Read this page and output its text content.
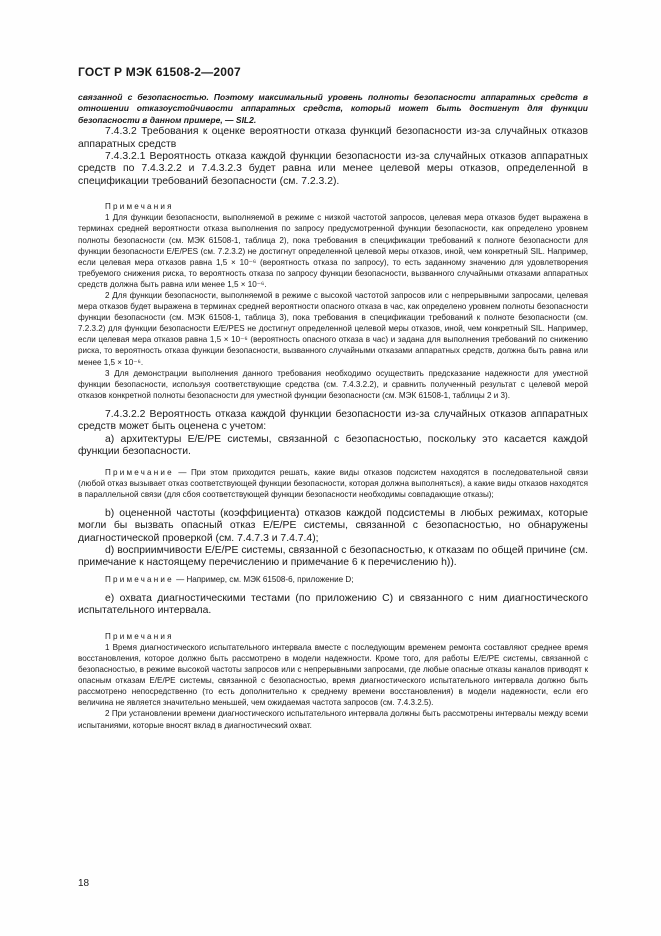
ГОСТ Р МЭК 61508-2—2007

связанной с безопасностью. Поэтому максимальный уровень полноты безопасности аппаратных средств в отношении отказоустойчивости аппаратных средств, который может быть достигнут для функции безопасности в данном примере, — SIL2.

7.4.3.2 Требования к оценке вероятности отказа функций безопасности из-за случайных отказов аппаратных средств

7.4.3.2.1 Вероятность отказа каждой функции безопасности из-за случайных отказов аппаратных средств по 7.4.3.2.2 и 7.4.3.2.3 будет равна или менее целевой меры отказов, определенной в спецификации требований безопасности (см. 7.2.3.2).

Примечания

1 Для функции безопасности, выполняемой в режиме с низкой частотой запросов, целевая мера отказов будет выражена в терминах средней вероятности отказа выполнения по запросу предусмотренной функции безопасности, как определено уровнем полноты безопасности (см. МЭК 61508-1, таблица 2), пока требования в спецификации требований к полноте безопасности для функции безопасности Е/Е/РES (см. 7.2.3.2) не достигнут определенной целевой меры отказов, иной, чем конкретный SIL. Например, если целевая мера отказов равна 1,5 × 10⁻⁶ (вероятность отказа по запросу), то есть заданному значению для удовлетворения требуемого снижения риска, то вероятность отказа по запросу функции безопасности, вызванного случайными отказами аппаратных средств должна быть равна или менее 1,5 × 10⁻⁶.

2 Для функции безопасности, выполняемой в режиме с высокой частотой запросов или с непрерывными запросами, целевая мера отказов будет выражена в терминах средней вероятности опасного отказа в час, как определено уровнем полноты безопасности функции безопасности (см. МЭК 61508-1, таблица 3), пока требования в спецификации требований к полноте безопасности (см. 7.2.3.2) для функции безопасности Е/Е/РES не достигнут определенной целевой меры отказов, иной, чем конкретный SIL. Например, если целевая мера отказов равна 1,5 × 10⁻⁶ (вероятность опасного отказа в час) и задана для выполнения требований по снижению риска, то вероятность отказа функции безопасности, вызванного случайными отказами аппаратных средств, должна быть равна или менее 1,5 × 10⁻⁶.

3 Для демонстрации выполнения данного требования необходимо осуществить предсказание надежности для уместной функции безопасности, используя соответствующие средства (см. 7.4.3.2.2), и сравнить полученный результат с целевой мерой отказов конкретной полноты безопасности для уместной функции безопасности (см. МЭК 61508-1, таблицы 2 и 3).

7.4.3.2.2 Вероятность отказа каждой функции безопасности из-за случайных отказов аппаратных средств может быть оценена с учетом:

а) архитектуры Е/Е/РЕ системы, связанной с безопасностью, поскольку это касается каждой функции безопасности.

Примечание — При этом приходится решать, какие виды отказов подсистем находятся в последовательной связи (любой отказ вызывает отказ соответствующей функции безопасности, которая должна выполняться), а какие виды отказов находятся в параллельной связи (для сбоя соответствующей функции безопасности необходимы совпадающие отказы);

b) оцененной частоты (коэффициента) отказов каждой подсистемы в любых режимах, которые могли бы вызвать опасный отказ Е/Е/РЕ системы, связанной с безопасностью, но обнаружены диагностической проверкой (см. 7.4.7.3 и 7.4.7.4);

d) восприимчивости Е/Е/РЕ системы, связанной с безопасностью, к отказам по общей причине (см. примечание к настоящему перечислению и примечание 6 к перечислению h)).

Примечание — Например, см. МЭК 61508-6, приложение D;

е) охвата диагностическими тестами (по приложению С) и связанного с ним диагностического испытательного интервала.

Примечания

1 Время диагностического испытательного интервала вместе с последующим временем ремонта составляют среднее время восстановления, которое должно быть рассмотрено в модели надежности. Кроме того, для работы Е/Е/РЕ системы, связанной с безопасностью, в режиме высокой частоты запросов или с непрерывными запросами, где любые опасные отказы каналов приводят к опасным отказам Е/Е/РЕ системы, связанной с безопасностью, время диагностического испытательного интервала должно быть рассмотрено непосредственно (то есть дополнительно к среднему времени восстановления) в модели надежности, если его величина не является значительно меньшей, чем ожидаемая частота запросов (см. 7.4.3.2.5).

2 При установлении времени диагностического испытательного интервала должны быть рассмотрены интервалы между всеми испытаниями, которые вносят вклад в диагностический охват.

18
